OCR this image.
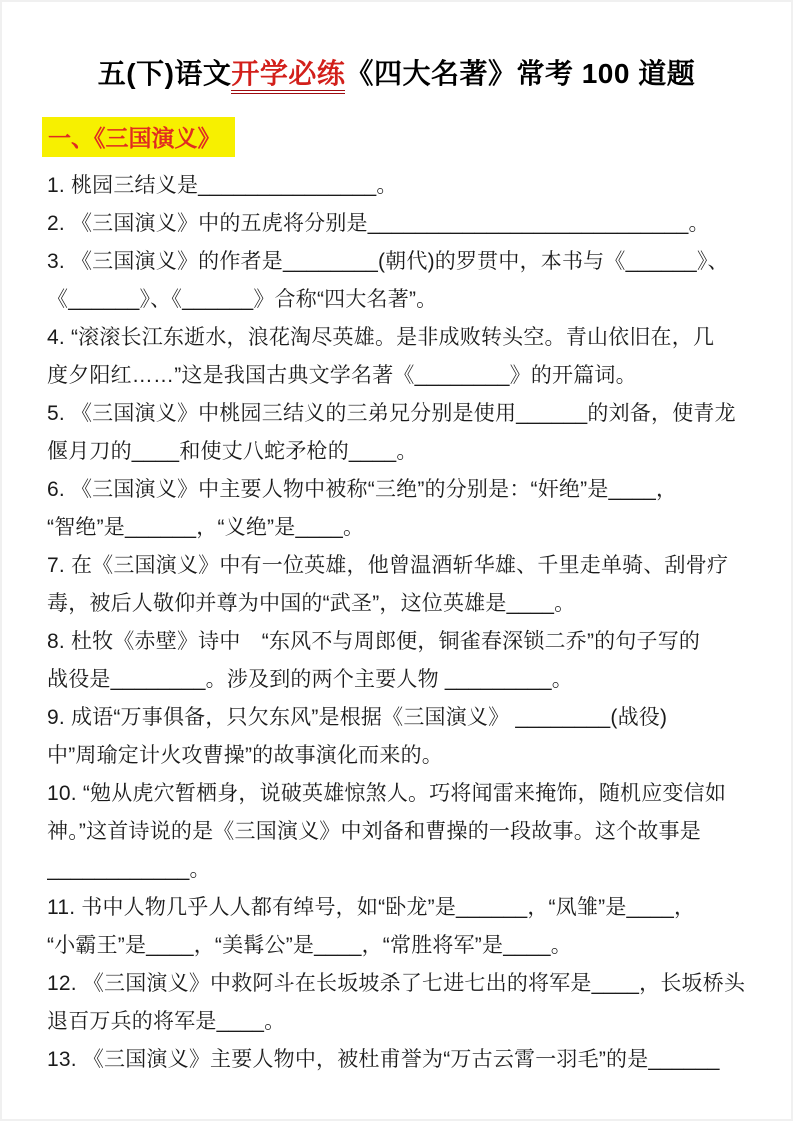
五(下)语文开学必练《四大名著》常考 100 道题
一、《三国演义》
1. 桃园三结义是_______________。
2. 《三国演义》中的五虎将分别是___________________________。
3. 《三国演义》的作者是________(朝代)的罗贯中，本书与《______》、
《______》、《______》合称“四大名著”。
4. “滚滚长江东逝水，浪花淘尽英雄。是非成败转头空。青山依旧在，几
度夕阳红……”这是我国古典文学名著《________》的开篇词。
5. 《三国演义》中桃园三结义的三弟兄分别是使用______的刘备，使青龙
偃月刀的____和使丈八蛇矛枪的____。
6. 《三国演义》中主要人物中被称“三绝”的分别是：“奸绝”是____，
“智绝”是______，“义绝”是____。
7. 在《三国演义》中有一位英雄，他曾温酒斩华雄、千里走单骑、刮骨疗
毒，被后人敬仰并尊为中国的“武圣”，这位英雄是____。
8. 杜牧《赤壁》诗中　“东风不与周郎便，铜雀春深锁二乔”的句子写的
战役是________。涉及到的两个主要人物 _________。
9. 成语“万事俱备，只欠东风”是根据《三国演义》 ________(战役)
中”周瑜定计火攻曹操”的故事演化而来的。
10. “勉从虎穴暂栖身，说破英雄惊煞人。巧将闻雷来掩饰，随机应变信如
神。”这首诗说的是《三国演义》中刘备和曹操的一段故事。这个故事是
____________。
11. 书中人物几乎人人都有绰号，如“卧龙”是______，“凤雏”是____，
“小霸王”是____，“美髯公”是____，“常胜将军”是____。
12. 《三国演义》中救阿斗在长坂坡杀了七进七出的将军是____，长坂桥头
退百万兵的将军是____。
13. 《三国演义》主要人物中，被杜甫誉为“万古云霄一羽毛”的是______
